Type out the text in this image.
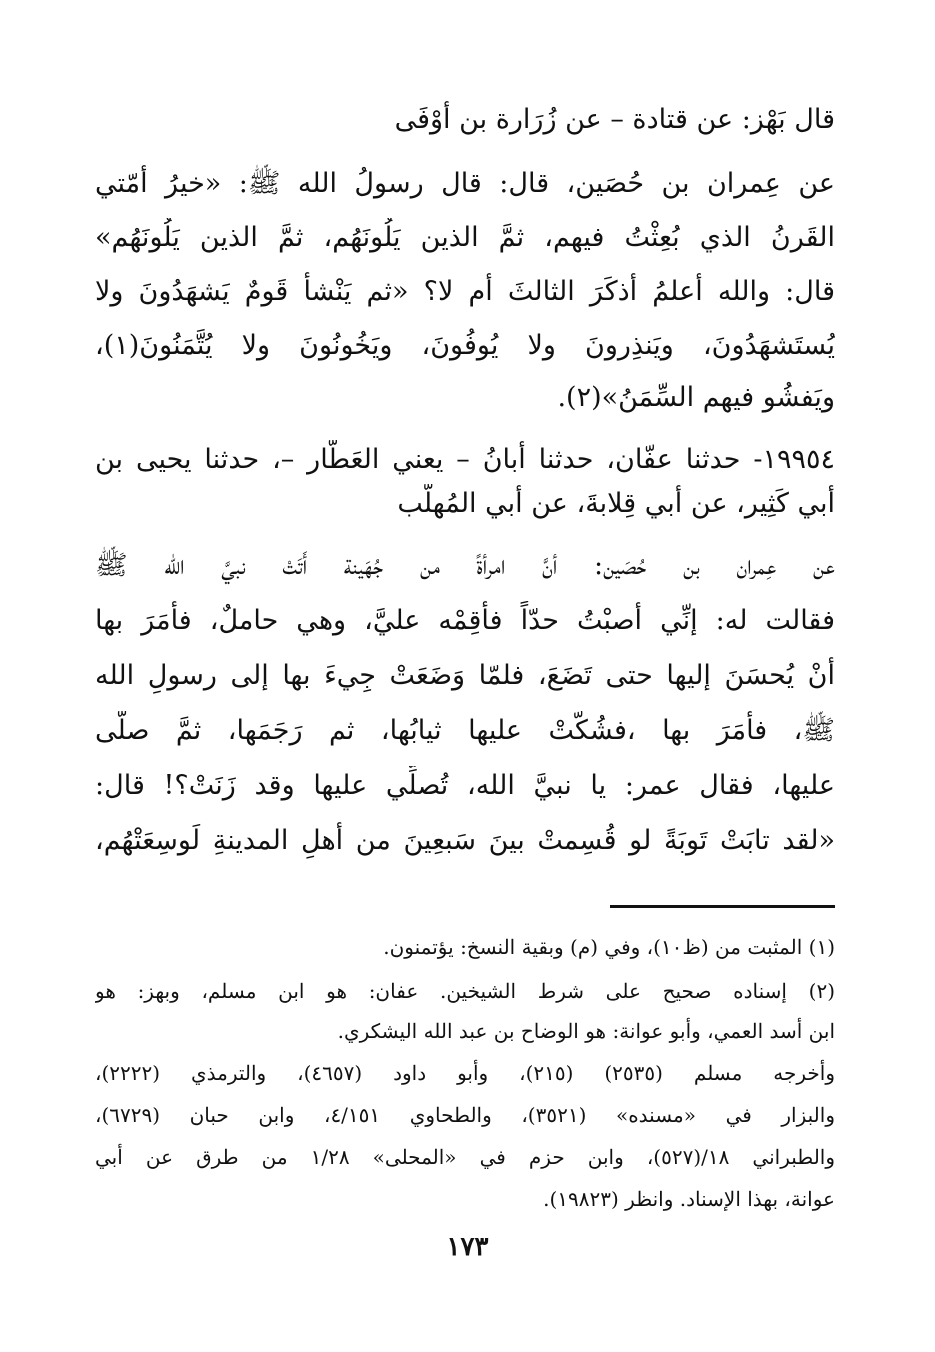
قال بَهْز: عن قتادة – عن زُرَارة بن أَوْفَى
عن عِمران بن حُصَين، قال: قال رسولُ الله ﷺ: «خيرُ أُمّتي
القَرنُ الذي بُعِثْتُ فيهم، ثمَّ الذين يَلُونَهُم، ثمَّ الذين يَلُونَهُم»
قال: والله أعلمُ أذكَرَ الثالثَ أم لا؟ «ثم يَنْشأُ قَومٌ يَشهَدُونَ ولا
يُستَشهَدُونَ، ويَنذِرونَ ولا يُوفُونَ، ويَخُونُونَ ولا يُتَّمَنُونَ(١)،
ويَفشُو فيهم السِّمَنُ»(٢).
١٩٩٥٤- حدثنا عفّان، حدثنا أبانُ – يعني العَطّار –، حدثنا يحيى بن
أبي كَثِير، عن أبي قِلابةَ، عن أبي المُهلَّب
عن عِمران بن حُصَين: أنَّ امرأةً من جُهَينة أَتَتْ نبيَّ الله ﷺ
فقالت له: إنِّي أَصبْتُ حدّاً فأقِمْه عليَّ، وهي حاملٌ، فأمَرَ بها
أنْ يُحسَنَ إليها حتى تَضَعَ، فلمّا وَضَعَتْ جِيءَ بها إلى رسولِ الله
ﷺ، فأمَرَ بها ،فشُكَّتْ عليها ثيابُها، ثم رَجَمَها، ثمَّ صلَّى
عليها، فقال عمر: يا نبيَّ الله، تُصلِّي عليها وقد زَنَتْ؟! قال:
«لقد تابَتْ تَوبَةً لو قُسِمتْ بينَ سَبعِينَ من أهلِ المدينةِ لَوسِعَتْهُم،
(١) المثبت من (ظ١٠)، وفي (م) وبقية النسخ: يؤتمنون.
(٢) إسناده صحيح على شرط الشيخين. عفان: هو ابن مسلم، وبهز: هو
ابن أسد العمي، وأبو عوانة: هو الوضاح بن عبد الله اليشكري.
وأخرجه مسلم (٢٥٣٥) (٢١٥)، وأبو داود (٤٦٥٧)، والترمذي (٢٢٢٢)،
والبزار في «مسنده» (٣٥٢١)، والطحاوي ٤/١٥١، وابن حبان (٦٧٢٩)،
والطبراني ١٨/(٥٢٧)، وابن حزم في «المحلى» ١/٢٨ من طرق عن أبي
عوانة، بهذا الإسناد. وانظر (١٩٨٢٣).
١٧٣
